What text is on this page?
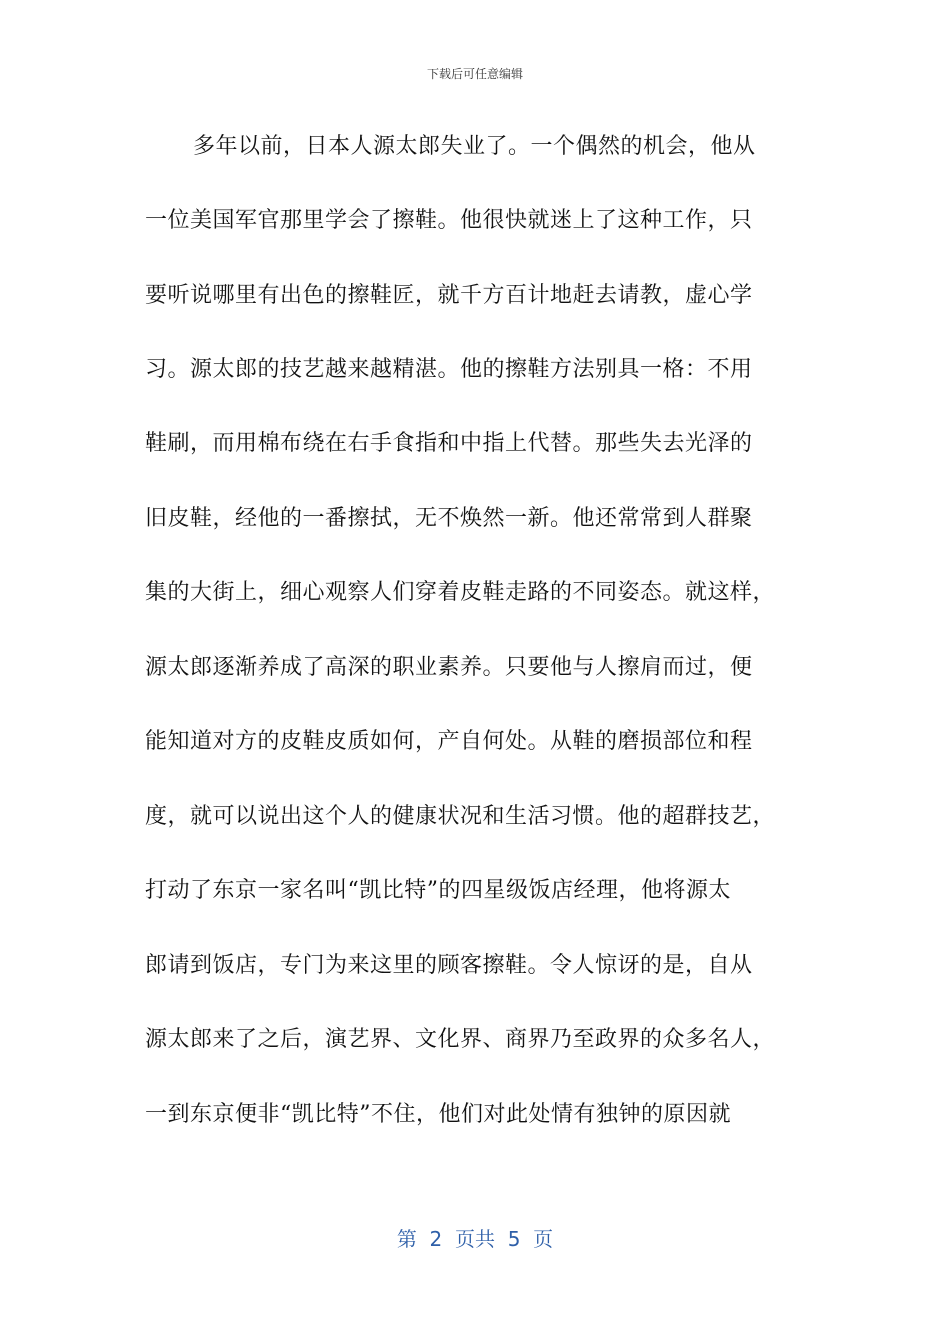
下载后可任意编辑
多年以前，日本人源太郎失业了。一个偶然的机会，他从
一位美国军官那里学会了擦鞋。他很快就迷上了这种工作，只
要听说哪里有出色的擦鞋匠，就千方百计地赶去请教，虚心学
习。源太郎的技艺越来越精湛。他的擦鞋方法别具一格：不用
鞋刷，而用棉布绕在右手食指和中指上代替。那些失去光泽的
旧皮鞋，经他的一番擦拭，无不焕然一新。他还常常到人群聚
集的大街上，细心观察人们穿着皮鞋走路的不同姿态。就这样，
源太郎逐渐养成了高深的职业素养。只要他与人擦肩而过，便
能知道对方的皮鞋皮质如何，产自何处。从鞋的磨损部位和程
度，就可以说出这个人的健康状况和生活习惯。他的超群技艺，
打动了东京一家名叫“凯比特”的四星级饭店经理，他将源太
郎请到饭店，专门为来这里的顾客擦鞋。令人惊讶的是，自从
源太郎来了之后，演艺界、文化界、商界乃至政界的众多名人，
一到东京便非“凯比特”不住，他们对此处情有独钟的原因就
第  2  页共  5  页
